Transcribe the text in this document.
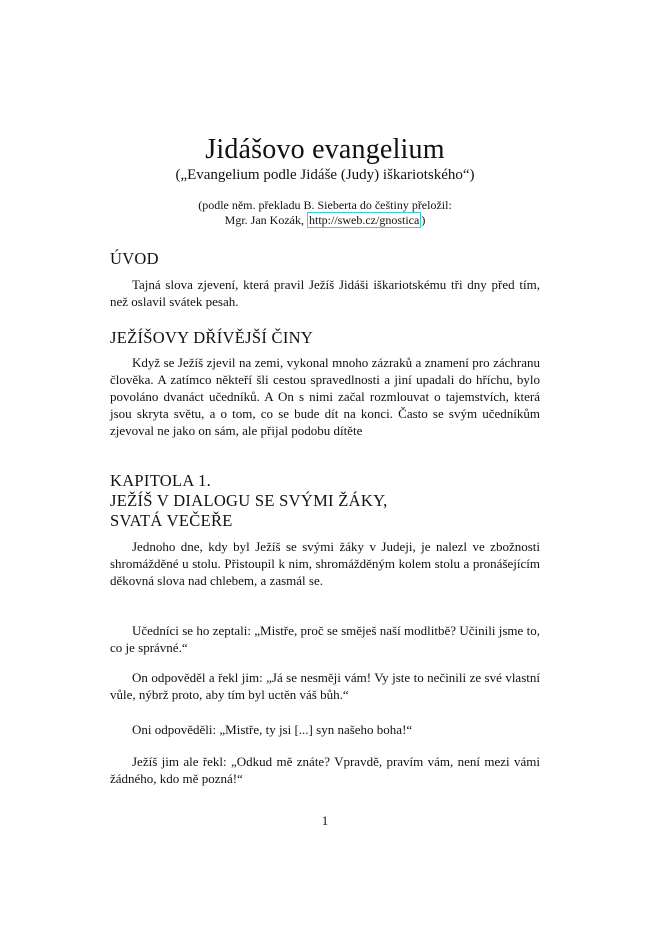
Jidášovo evangelium
(„Evangelium podle Jidáše (Judy) iškariotského“)
(podle něm. překladu B. Sieberta do češtiny přeložil:
Mgr. Jan Kozák, http://sweb.cz/gnostica )
ÚVOD
Tajná slova zjevení, která pravil Ježíš Jidáši iškariotskému tři dny před tím, než oslavil svátek pesah.
JEŽÍŠOVY DŘÍVĚJŠÍ ČINY
Když se Ježíš zjevil na zemi, vykonal mnoho zázraků a znamení pro záchranu člověka. A zatímco někteří šli cestou spravedlnosti a jiní upadali do hříchu, bylo povoláno dvanáct učedníků. A On s nimi začal rozmlouvat o tajemstvích, která jsou skryta světu, a o tom, co se bude dít na konci. Často se svým učedníkům zjevoval ne jako on sám, ale přijal podobu dítěte
KAPITOLA 1.
JEŽÍŠ V DIALOGU SE SVÝMI ŽÁKY,
SVATÁ VEČEŘE
Jednoho dne, kdy byl Ježíš se svými žáky v Judeji, je nalezl ve zbožnosti shromážděné u stolu. Přistoupil k nim, shromážděným kolem stolu a pronášejícím děkovná slova nad chlebem, a zasmál se.
Učedníci se ho zeptali: „Mistře, proč se směješ naší modlitbě? Učinili jsme to, co je správné.“
On odpověděl a řekl jim: „Já se nesměji vám! Vy jste to nečinili ze své vlastní vůle, nýbrž proto, aby tím byl uctěn váš bůh.“
Oni odpověděli: „Mistře, ty jsi [...] syn našeho boha!“
Ježíš jim ale řekl: „Odkud mě znáte? Vpravdě, pravím vám, není mezi vámi žádného, kdo mě pozná!“
1
